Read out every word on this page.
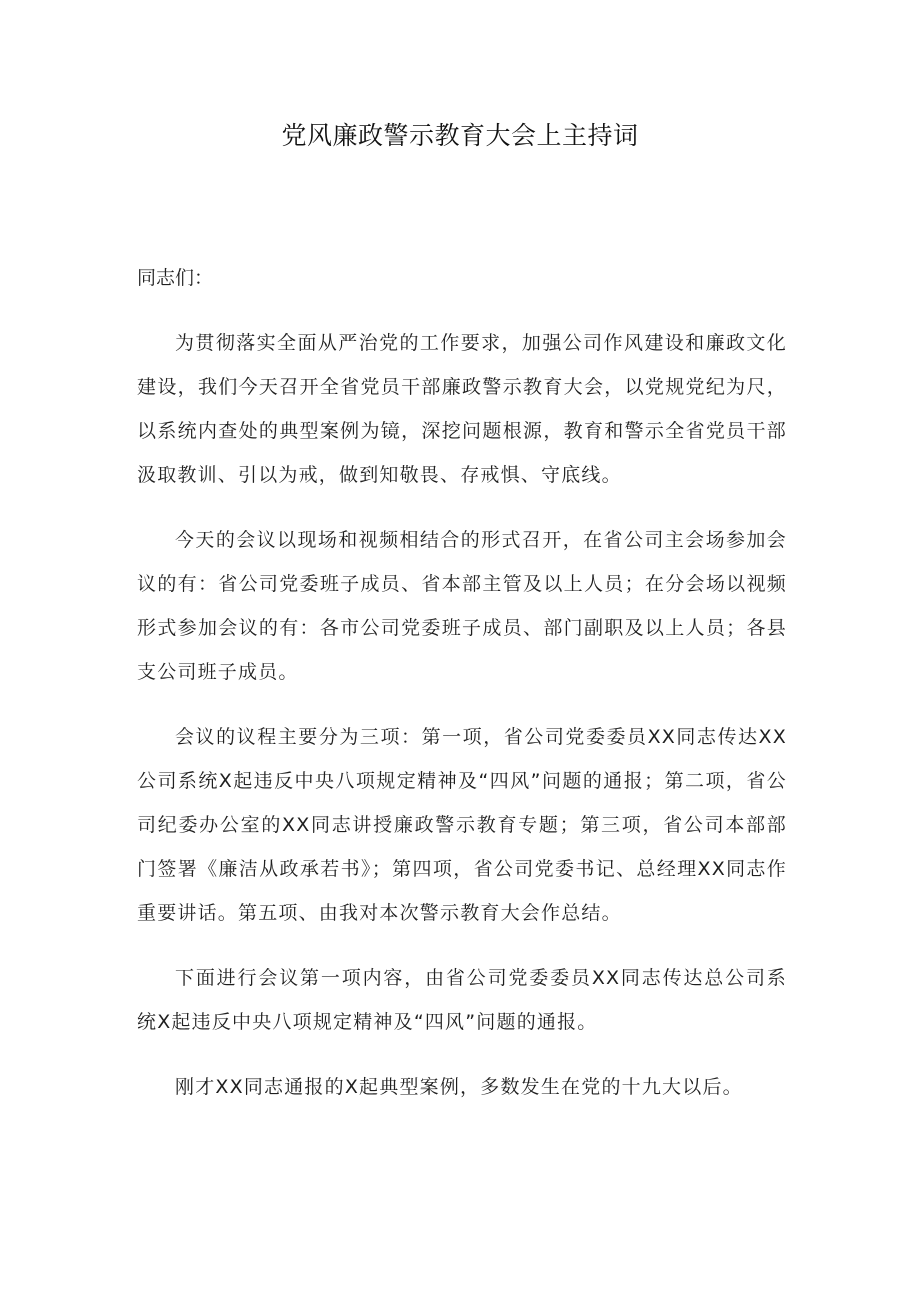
党风廉政警示教育大会上主持词

同志们：

为贯彻落实全面从严治党的工作要求，加强公司作风建设和廉政文化建设，我们今天召开全省党员干部廉政警示教育大会，以党规党纪为尺，以系统内查处的典型案例为镜，深挖问题根源，教育和警示全省党员干部汲取教训、引以为戒，做到知敬畏、存戒惧、守底线。

今天的会议以现场和视频相结合的形式召开，在省公司主会场参加会议的有：省公司党委班子成员、省本部主管及以上人员；在分会场以视频形式参加会议的有：各市公司党委班子成员、部门副职及以上人员；各县支公司班子成员。

会议的议程主要分为三项：第一项，省公司党委委员XX同志传达XX公司系统X起违反中央八项规定精神及“四风”问题的通报；第二项，省公司纪委办公室的XX同志讲授廉政警示教育专题；第三项，省公司本部部门签署《廉洁从政承若书》；第四项，省公司党委书记、总经理XX同志作重要讲话。第五项、由我对本次警示教育大会作总结。

下面进行会议第一项内容，由省公司党委委员XX同志传达总公司系统X起违反中央八项规定精神及“四风”问题的通报。

刚才XX同志通报的X起典型案例，多数发生在党的十九大以后。
